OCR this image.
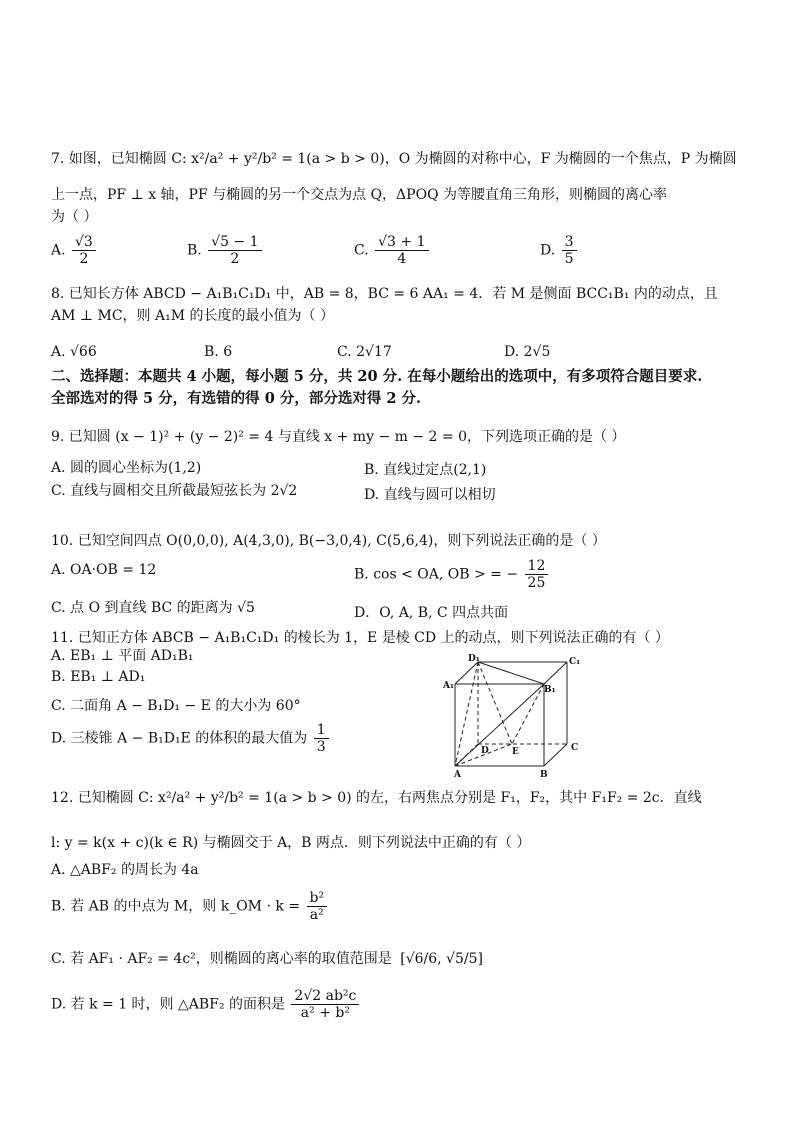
7. 如图，已知椭圆 C: x²/a² + y²/b² = 1(a > b > 0)，O 为椭圆的对称中心，F 为椭圆的一个焦点，P 为椭圆
上一点，PF ⊥ x 轴，PF 与椭圆的另一个交点为点 Q，ΔPOQ 为等腰直角三角形，则椭圆的离心率
为（ ）
A. $\frac{√3}{2}$	B. $\frac{√5 - 1}{2}$	C. $\frac{√3 + 1}{4}$	D. $\frac{3}{5}$
8. 已知长方体 ABCD − A₁B₁C₁D₁ 中，AB = 8，BC = 6 AA₁ = 4．若 M 是侧面 BCC₁B₁ 内的动点，且
AM ⊥ MC，则 A₁M 的长度的最小值为（ ）
A. √66	B. 6	C. 2√17	D. 2√5
二、选择题：本题共 4 小题，每小题 5 分，共 20 分. 在每小题给出的选项中，有多项符合题目要求.
全部选对的得 5 分，有选错的得 0 分，部分选对得 2 分.
9. 已知圆 (x − 1)² + (y − 2)² = 4 与直线 x + my − m − 2 = 0，下列选项正确的是（ ）
A. 圆的圆心坐标为(1,2)	B. 直线过定点(2,1)
C. 直线与圆相交且所截最短弦长为 2√2	D. 直线与圆可以相切
10. 已知空间四点 O(0,0,0), A(4,3,0), B(−3,0,4), C(5,6,4)，则下列说法正确的是（ ）
A. OA·OB = 12	B. cos < OA, OB > = − $\frac{12}{25}$
C. 点 O 到直线 BC 的距离为 √5	D．O, A, B, C 四点共面
11. 已知正方体 ABCB − A₁B₁C₁D₁ 的棱长为 1，E 是棱 CD 上的动点，则下列说法正确的有（ ）
A. EB₁ ⊥ 平面 AD₁B₁
B. EB₁ ⊥ AD₁
C. 二面角 A − B₁D₁ − E 的大小为 60°
D. 三棱锥 A − B₁D₁E 的体积的最大值为 $\frac{1}{3}$
D₁	C₁
A₁	B₁
D	E	C
A	B
12. 已知椭圆 C: x²/a² + y²/b² = 1(a > b > 0) 的左，右两焦点分别是 F₁，F₂，其中 F₁F₂ = 2c．直线
l: y = k(x + c)(k ∈ R) 与椭圆交于 A，B 两点．则下列说法中正确的有（ ）
A. △ABF₂ 的周长为 4a
B. 若 AB 的中点为 M，则 k_OM · $k = \frac{\text{b²}}{\text{a²}}$
C. 若 AF₁ · AF₂ = 4c²，则椭圆的离心率的取值范围是 [√6/6, √5/5]
D. 若 k = 1 时，则 △ABF₂ 的面积是 $\frac{\text{2√2 ab²c}}{\text{a² + b²}}$
